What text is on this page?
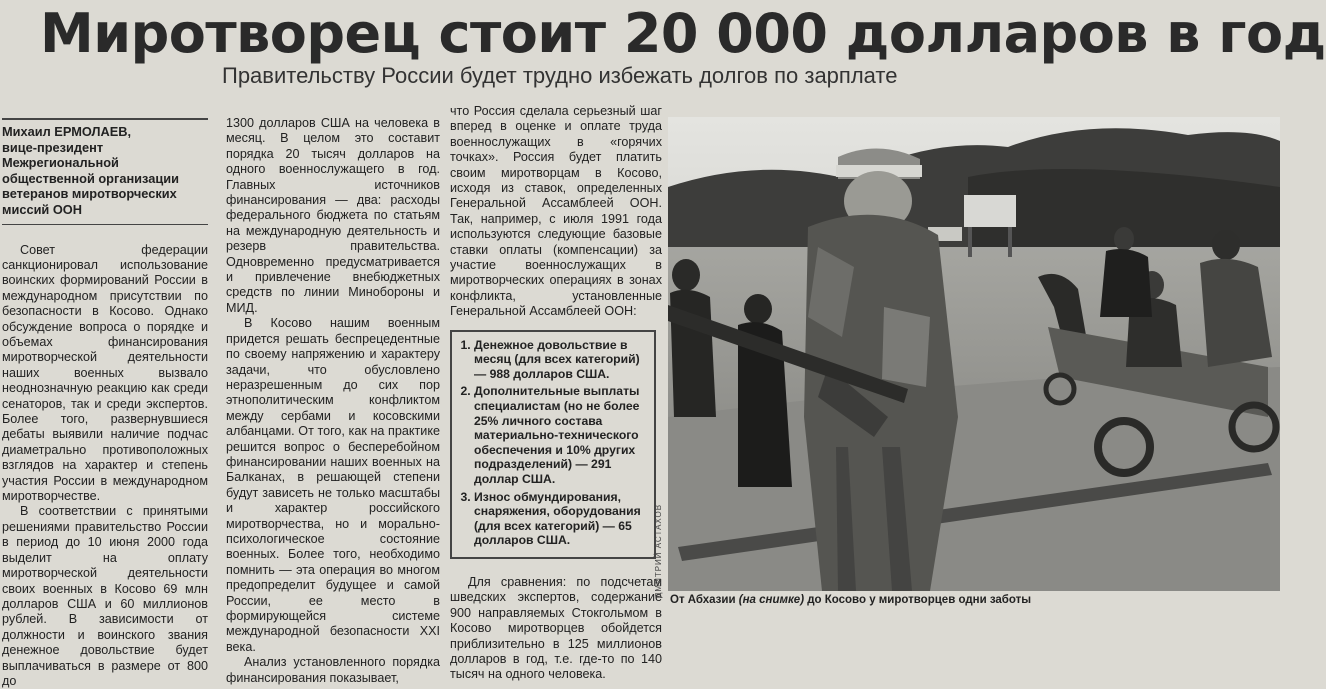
Миротворец стоит 20 000 долларов в год
Правительству России будет трудно избежать долгов по зарплате
Михаил ЕРМОЛАЕВ,
вице-президент Межрегиональной общественной организации ветеранов миротворческих миссий ООН

Совет федерации санкционировал использование воинских формирований России в международном присутствии по безопасности в Косово. Однако обсуждение вопроса о порядке и объемах финансирования миротворческой деятельности наших военных вызвало неоднозначную реакцию как среди сенаторов, так и среди экспертов. Более того, развернувшиеся дебаты выявили наличие подчас диаметрально противоположных взглядов на характер и степень участия России в международном миротворчестве.

В соответствии с принятыми решениями правительство России в период до 10 июня 2000 года выделит на оплату миротворческой деятельности своих военных в Косово 69 млн долларов США и 60 миллионов рублей. В зависимости от должности и воинского звания денежное довольствие будет выплачиваться в размере от 800 до

1300 долларов США на человека в месяц. В целом это составит порядка 20 тысяч долларов на одного военнослужащего в год. Главных источников финансирования — два: расходы федерального бюджета по статьям на международную деятельность и резерв правительства. Одновременно предусматривается и привлечение внебюджетных средств по линии Минобороны и МИД.

В Косово нашим военным придется решать беспрецедентные по своему напряжению и характеру задачи, что обусловлено неразрешенным до сих пор этнополитическим конфликтом между сербами и косовскими албанцами. От того, как на практике решится вопрос о бесперебойном финансировании наших военных на Балканах, в решающей степени будут зависеть не только масштабы и характер российского миротворчества, но и морально-психологическое состояние военных. Более того, необходимо помнить — эта операция во многом предопределит будущее и самой России, ее место в формирующейся системе международной безопасности XXI века.

Анализ установленного порядка финансирования показывает,

что Россия сделала серьезный шаг вперед в оценке и оплате труда военнослужащих в «горячих точках». Россия будет платить своим миротворцам в Косово, исходя из ставок, определенных Генеральной Ассамблеей ООН. Так, например, с июля 1991 года используются следующие базовые ставки оплаты (компенсации) за участие военнослужащих в миротворческих операциях в зонах конфликта, установленные Генеральной Ассамблеей ООН:

1. Денежное довольствие в месяц (для всех категорий) — 988 долларов США.
2. Дополнительные выплаты специалистам (но не более 25% личного состава материально-технического обеспечения и 10% других подразделений) — 291 доллар США.
3. Износ обмундирования, снаряжения, оборудования (для всех категорий) — 65 долларов США.

Для сравнения: по подсчетам шведских экспертов, содержание 900 направляемых Стокгольмом в Косово миротворцев обойдется приблизительно в 125 миллионов долларов в год, т.е. где-то по 140 тысяч на одного человека.

ДМИТРИЙ АСТАХОВ
От Абхазии (на снимке) до Косово у миротворцев одни заботы
